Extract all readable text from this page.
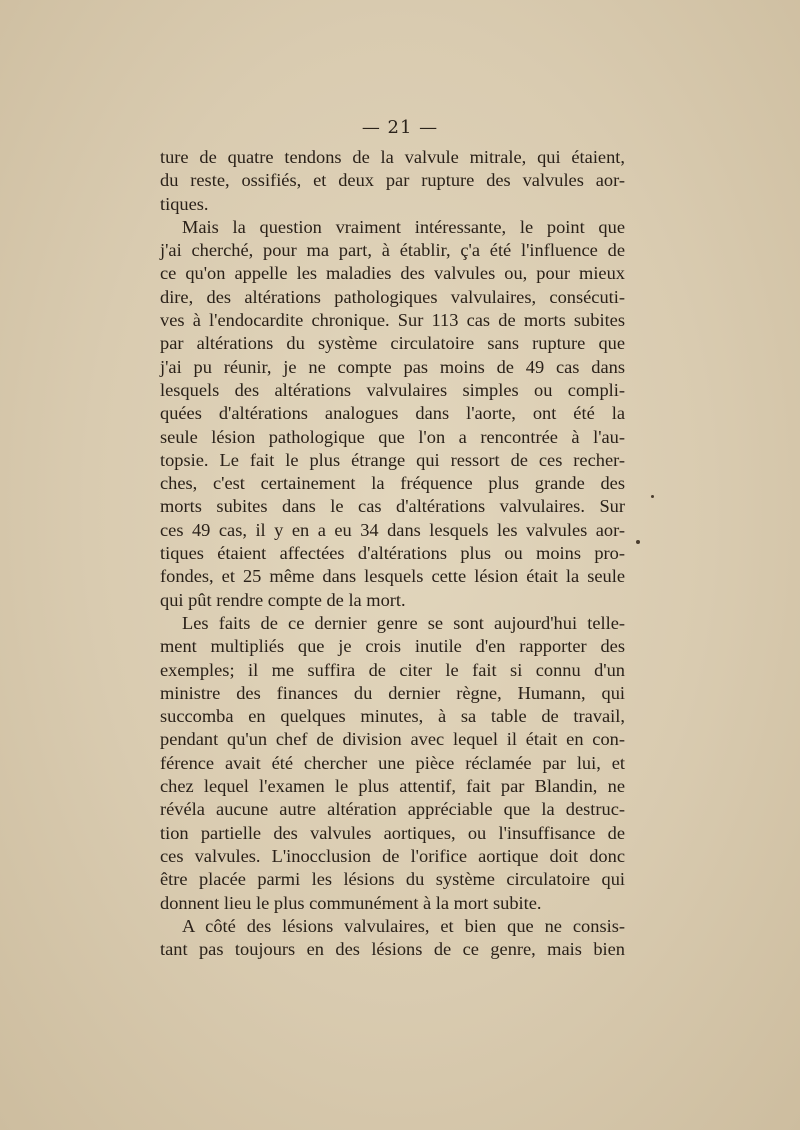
— 21 —
ture de quatre tendons de la valvule mitrale, qui étaient,
du reste, ossifiés, et deux par rupture des valvules aor-
tiques.
Mais la question vraiment intéressante, le point que
j'ai cherché, pour ma part, à établir, ç'a été l'influence de
ce qu'on appelle les maladies des valvules ou, pour mieux
dire, des altérations pathologiques valvulaires, consécuti-
ves à l'endocardite chronique. Sur 113 cas de morts subites
par altérations du système circulatoire sans rupture que
j'ai pu réunir, je ne compte pas moins de 49 cas dans
lesquels des altérations valvulaires simples ou compli-
quées d'altérations analogues dans l'aorte, ont été la
seule lésion pathologique que l'on a rencontrée à l'au-
topsie. Le fait le plus étrange qui ressort de ces recher-
ches, c'est certainement la fréquence plus grande des
morts subites dans le cas d'altérations valvulaires. Sur
ces 49 cas, il y en a eu 34 dans lesquels les valvules aor-
tiques étaient affectées d'altérations plus ou moins pro-
fondes, et 25 même dans lesquels cette lésion était la seule
qui pût rendre compte de la mort.
Les faits de ce dernier genre se sont aujourd'hui telle-
ment multipliés que je crois inutile d'en rapporter des
exemples; il me suffira de citer le fait si connu d'un
ministre des finances du dernier règne, Humann, qui
succomba en quelques minutes, à sa table de travail,
pendant qu'un chef de division avec lequel il était en con-
férence avait été chercher une pièce réclamée par lui, et
chez lequel l'examen le plus attentif, fait par Blandin, ne
révéla aucune autre altération appréciable que la destruc-
tion partielle des valvules aortiques, ou l'insuffisance de
ces valvules. L'inocclusion de l'orifice aortique doit donc
être placée parmi les lésions du système circulatoire qui
donnent lieu le plus communément à la mort subite.
A côté des lésions valvulaires, et bien que ne consis-
tant pas toujours en des lésions de ce genre, mais bien
